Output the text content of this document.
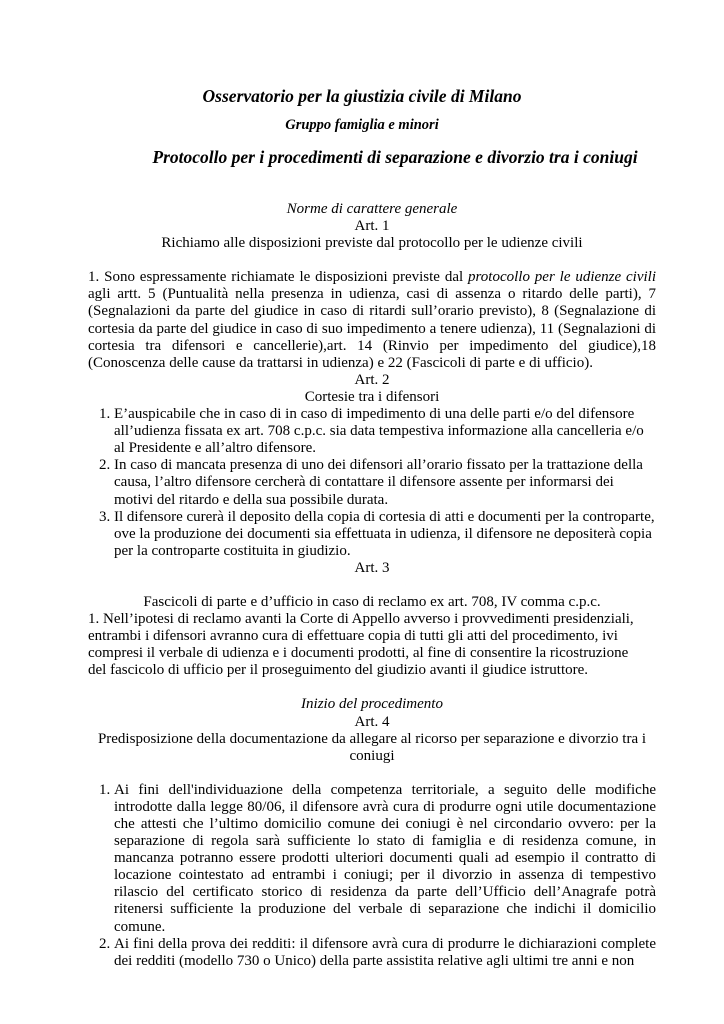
Osservatorio per la giustizia civile di Milano
Gruppo famiglia e minori
Protocollo per i procedimenti di separazione e divorzio tra i coniugi
Norme di carattere generale
Art. 1
Richiamo alle disposizioni previste dal protocollo per le udienze civili
1. Sono espressamente richiamate le disposizioni previste dal protocollo per le udienze civili agli artt. 5 (Puntualità nella presenza in udienza, casi di assenza o ritardo delle parti), 7 (Segnalazioni da parte del giudice in caso di ritardi sull’orario previsto), 8 (Segnalazione di cortesia da parte del giudice in caso di suo impedimento a tenere udienza), 11 (Segnalazioni di cortesia tra difensori e cancellerie),art. 14 (Rinvio per impedimento del giudice),18 (Conoscenza delle cause da trattarsi in udienza) e 22 (Fascicoli di parte e di ufficio).
Art. 2
Cortesie tra i difensori
1. E’auspicabile che in caso di in caso di impedimento di una delle parti e/o del difensore all’udienza fissata ex art. 708 c.p.c. sia data tempestiva informazione alla cancelleria e/o al Presidente e all’altro difensore.
2. In caso di mancata presenza di uno dei difensori all’orario fissato per la trattazione della causa, l’altro difensore cercherà di contattare il difensore assente per informarsi dei motivi del ritardo e della sua possibile durata.
3. Il difensore curerà il deposito della copia di cortesia di atti e documenti per la controparte, ove la produzione dei documenti sia effettuata in udienza, il difensore ne depositerà copia per la controparte costituita in giudizio.
Art. 3
Fascicoli di parte e d’ufficio in caso di reclamo ex art. 708, IV comma c.p.c.
1. Nell’ipotesi di reclamo avanti la Corte di Appello avverso i provvedimenti presidenziali,
entrambi i difensori avranno cura di effettuare copia di tutti gli atti del procedimento, ivi
compresi il verbale di udienza e i documenti prodotti, al fine di consentire la ricostruzione
del fascicolo di ufficio per il proseguimento del giudizio avanti il giudice istruttore.
Inizio del procedimento
Art. 4
Predisposizione della documentazione da allegare al ricorso per separazione e divorzio tra i coniugi
1. Ai fini dell'individuazione della competenza territoriale, a seguito delle modifiche introdotte dalla legge 80/06, il difensore avrà cura di produrre ogni utile documentazione che attesti che l’ultimo domicilio comune dei coniugi è nel circondario ovvero: per la separazione di regola sarà sufficiente lo stato di famiglia e di residenza comune, in mancanza potranno essere prodotti ulteriori documenti quali ad esempio il contratto di locazione cointestato ad entrambi i coniugi; per il divorzio in assenza di tempestivo rilascio del certificato storico di residenza da parte dell’Ufficio dell’Anagrafe potrà ritenersi sufficiente la produzione del verbale di separazione che indichi il domicilio comune.
2. Ai fini della prova dei redditi: il difensore avrà cura di produrre le dichiarazioni complete dei redditi (modello 730 o Unico) della parte assistita relative agli ultimi tre anni e non
